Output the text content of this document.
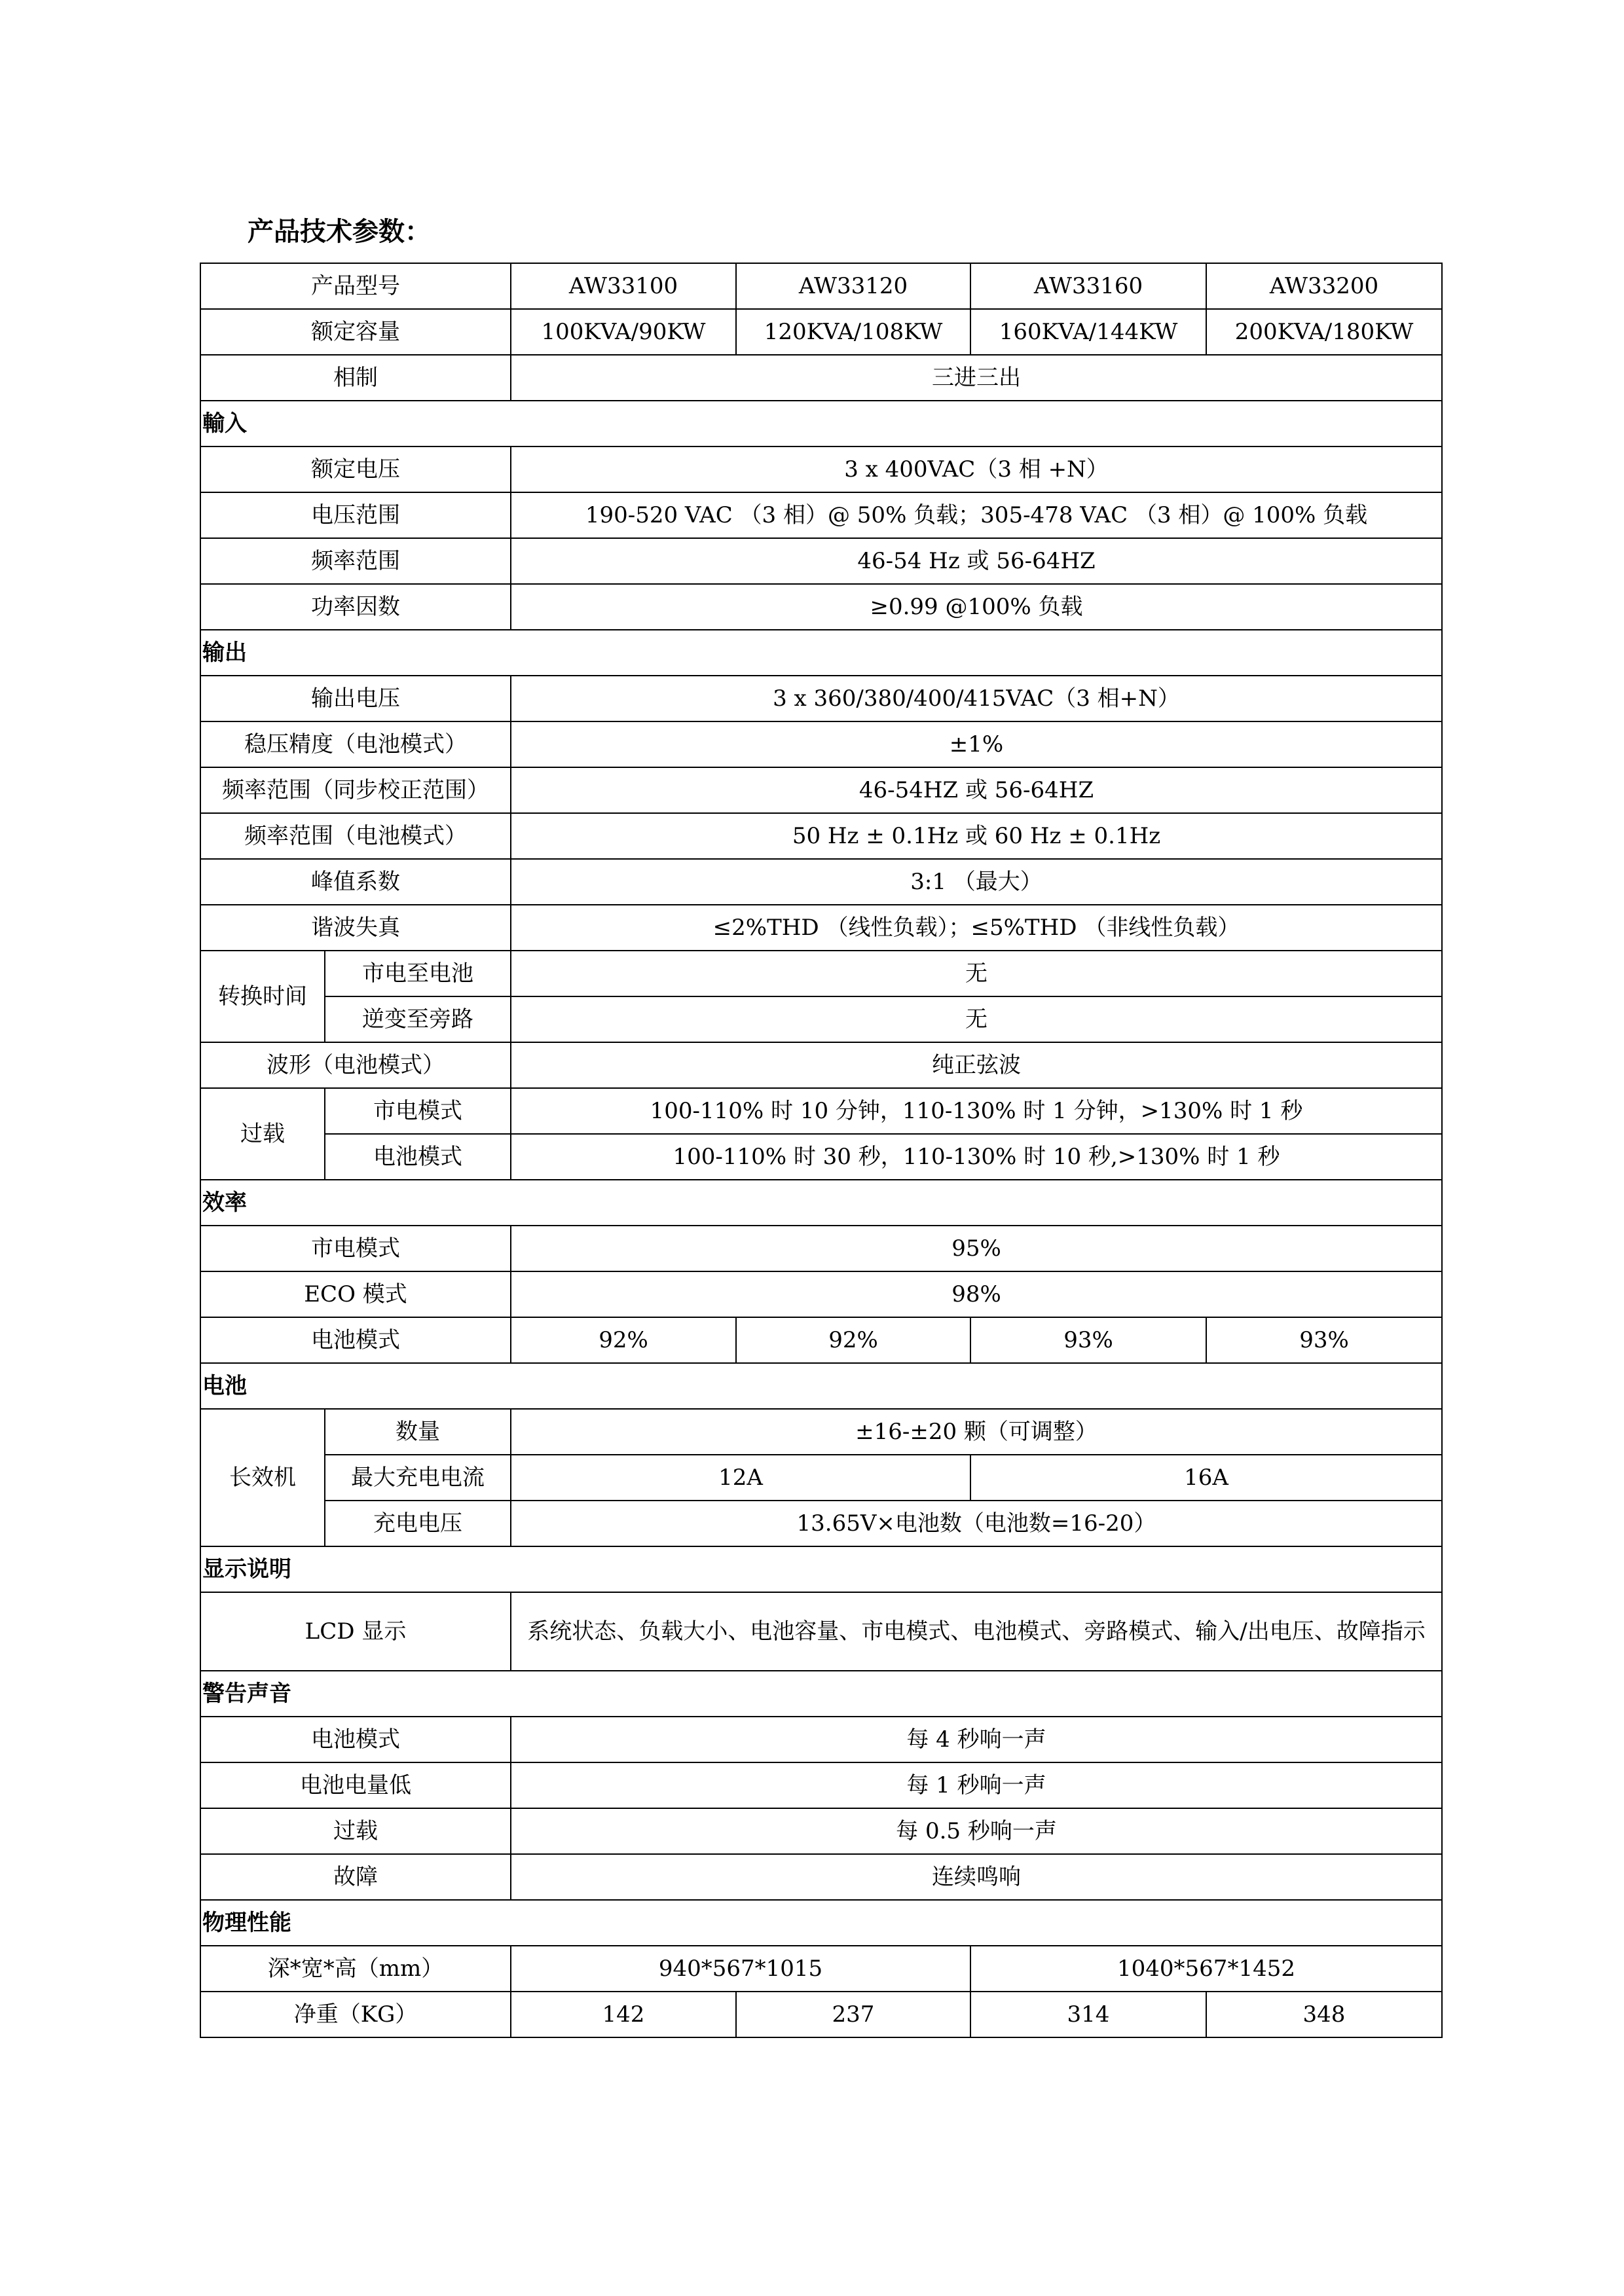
产品技术参数：
产品型号		AW33100	AW33120	AW33160	AW33200
额定容量		100KVA/90KW	120KVA/108KW	160KVA/144KW	200KVA/180KW
相制		三进三出			
輸入					
额定电压		3 x 400VAC（3 相 +N）			
电压范围		190-520 VAC （3 相）@ 50% 负载；305-478 VAC （3 相）@ 100% 负载			
频率范围		46-54 Hz 或 56-64HZ			
功率因数		≥0.99 @100% 负载			
输出					
输出电压		3 x 360/380/400/415VAC（3 相+N）			
稳压精度（电池模式）		±1%			
频率范围（同步校正范围）		46-54HZ 或 56-64HZ			
频率范围（电池模式）		50 Hz ± 0.1Hz 或 60 Hz ± 0.1Hz			
峰值系数		3:1 （最大）			
谐波失真		≤2%THD （线性负载）；≤5%THD （非线性负载）			
转换时间	市电至电池	无			
	逆变至旁路	无			
波形（电池模式）		纯正弦波			
过载	市电模式	100-110% 时 10 分钟，110-130% 时 1 分钟，>130% 时 1 秒			
	电池模式	100-110% 时 30 秒，110-130% 时 10 秒,>130% 时 1 秒			
效率					
市电模式		95%			
ECO 模式		98%			
电池模式		92%	92%	93%	93%
电池					
长效机	数量	±16-±20 颗（可调整）			
	最大充电电流	12A		16A	
	充电电压	13.65V×电池数（电池数=16-20）			
显示说明					
LCD 显示		系统状态、负载大小、电池容量、市电模式、电池模式、旁路模式、输入/出电压、故障指示			
警告声音					
电池模式		每 4 秒响一声			
电池电量低		每 1 秒响一声			
过载		每 0.5 秒响一声			
故障		连续鸣响			
物理性能					
深*宽*高（mm）		940*567*1015		1040*567*1452	
净重（KG）		142	237	314	348
